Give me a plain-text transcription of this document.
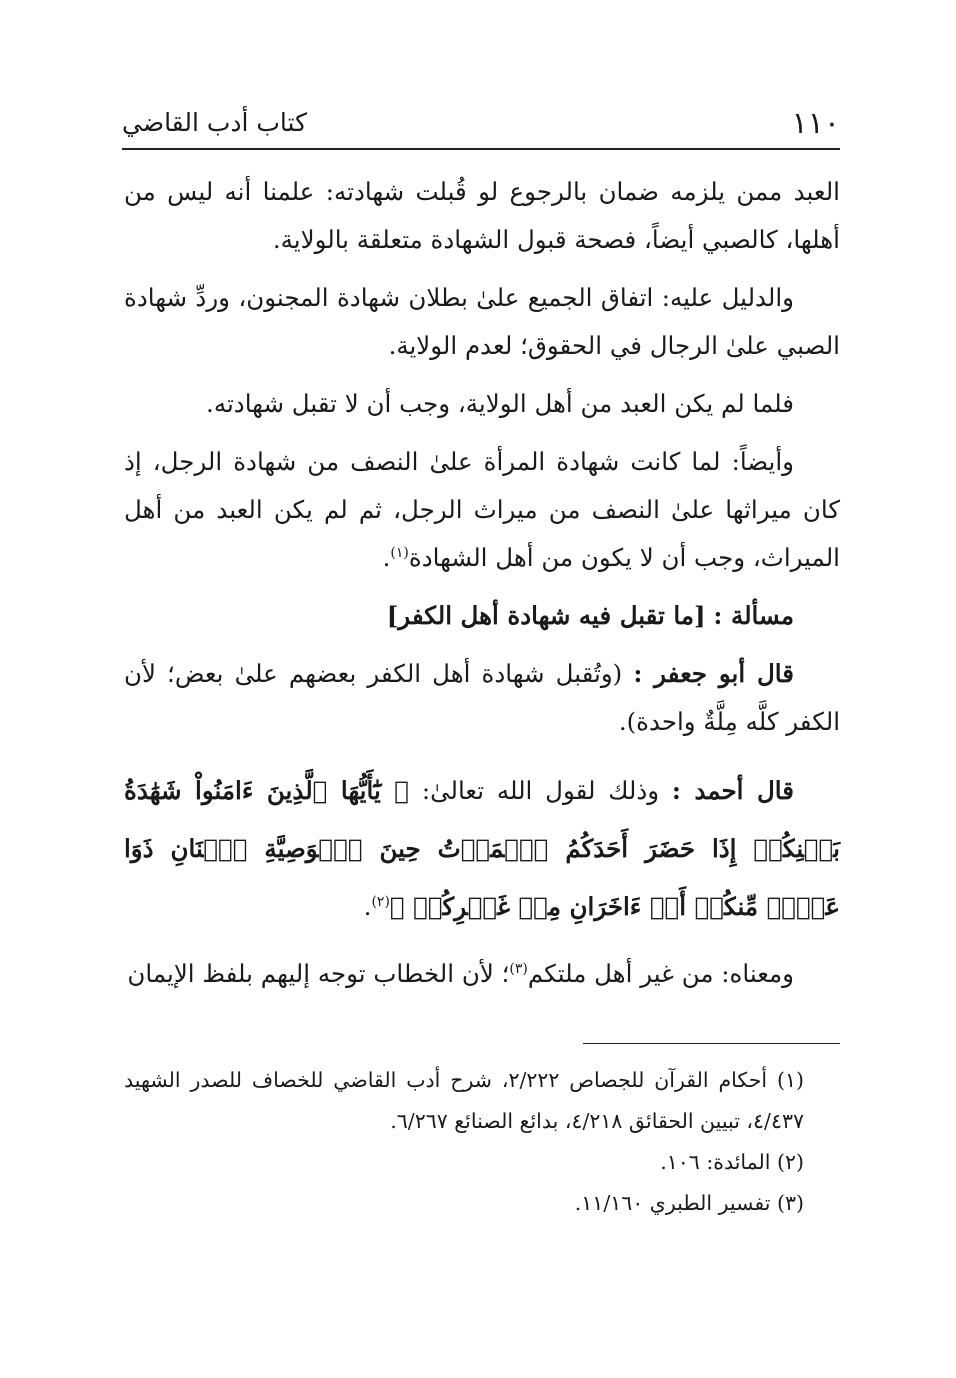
١١٠
كتاب أدب القاضي

العبد ممن يلزمه ضمان بالرجوع لو قُبلت شهادته: علمنا أنه ليس من أهلها، كالصبي أيضاً، فصحة قبول الشهادة متعلقة بالولاية.

والدليل عليه: اتفاق الجميع علىٰ بطلان شهادة المجنون، وردِّ شهادة الصبي علىٰ الرجال في الحقوق؛ لعدم الولاية.

فلما لم يكن العبد من أهل الولاية، وجب أن لا تقبل شهادته.

وأيضاً: لما كانت شهادة المرأة علىٰ النصف من شهادة الرجل، إذ كان ميراثها علىٰ النصف من ميراث الرجل، ثم لم يكن العبد من أهل الميراث، وجب أن لا يكون من أهل الشهادة$^{(١)}$.

مسألة : [ما تقبل فيه شهادة أهل الكفر]

قال أبو جعفر : (وتُقبل شهادة أهل الكفر بعضهم علىٰ بعض؛ لأن الكفر كلَّه مِلَّةٌ واحدة).

قال أحمد : وذلك لقول الله تعالىٰ: ﴿ يَٰٓأَيُّهَا ٱلَّذِينَ ءَامَنُواْ شَهَٰدَةُ بَيۡنِكُمۡ إِذَا حَضَرَ أَحَدَكُمُ ٱلۡمَوۡتُ حِينَ ٱلۡوَصِيَّةِ ٱثۡنَانِ ذَوَا عَدۡلٖ مِّنكُمۡ أَوۡ ءَاخَرَانِ مِنۡ غَيۡرِكُمۡ ﴾$^{(٢)}$.

ومعناه: من غير أهل ملتكم$^{(٣)}$؛ لأن الخطاب توجه إليهم بلفظ الإيمان

(١) أحكام القرآن للجصاص ٢/٢٢٢، شرح أدب القاضي للخصاف للصدر الشهيد ٤/٤٣٧، تبيين الحقائق ٤/٢١٨، بدائع الصنائع ٦/٢٦٧.

(٢) المائدة: ١٠٦.

(٣) تفسير الطبري ١١/١٦٠.
